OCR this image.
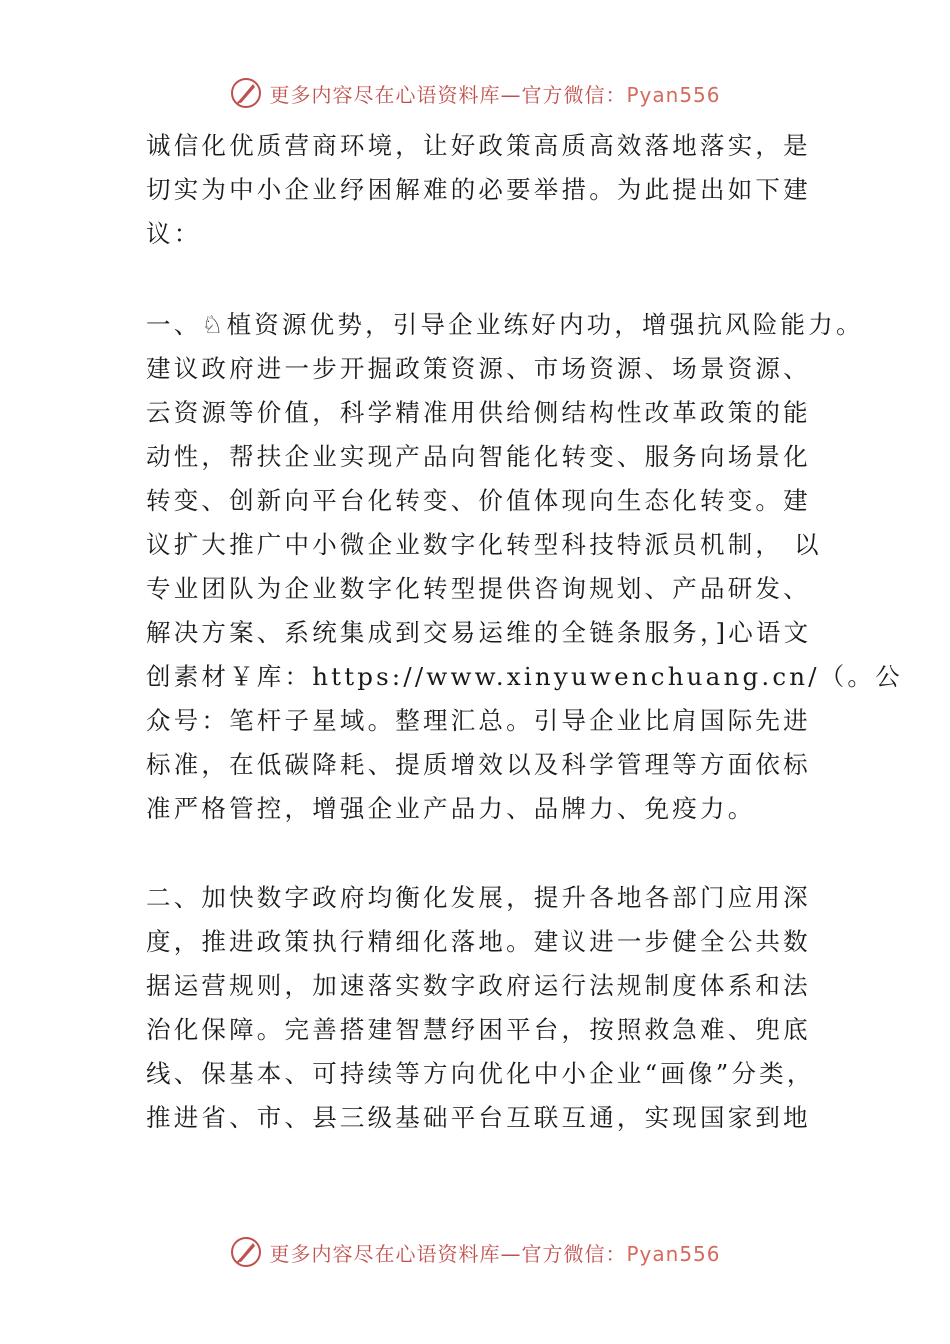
更多内容尽在心语资料库—官方微信：Pyan556
诚信化优质营商环境，让好政策高质高效落地落实，是
切实为中小企业纾困解难的必要举措。为此提出如下建
议：
一、♘植资源优势，引导企业练好内功，增强抗风险能力。
建议政府进一步开掘政策资源、市场资源、场景资源、
云资源等价值，科学精准用供给侧结构性改革政策的能
动性，帮扶企业实现产品向智能化转变、服务向场景化
转变、创新向平台化转变、价值体现向生态化转变。建
议扩大推广中小微企业数字化转型科技特派员机制， 以
专业团队为企业数字化转型提供咨询规划、产品研发、
解决方案、系统集成到交易运维的全链条服务，]心语文
创素材￥库：https://www.xinyuwenchuang.cn/（。公
众号：笔杆子星域。整理汇总。引导企业比肩国际先进
标准，在低碳降耗、提质增效以及科学管理等方面依标
准严格管控，增强企业产品力、品牌力、免疫力。
二、加快数字政府均衡化发展，提升各地各部门应用深
度，推进政策执行精细化落地。建议进一步健全公共数
据运营规则，加速落实数字政府运行法规制度体系和法
治化保障。完善搭建智慧纾困平台，按照救急难、兜底
线、保基本、可持续等方向优化中小企业“画像”分类，
推进省、市、县三级基础平台互联互通，实现国家到地
更多内容尽在心语资料库—官方微信：Pyan556
